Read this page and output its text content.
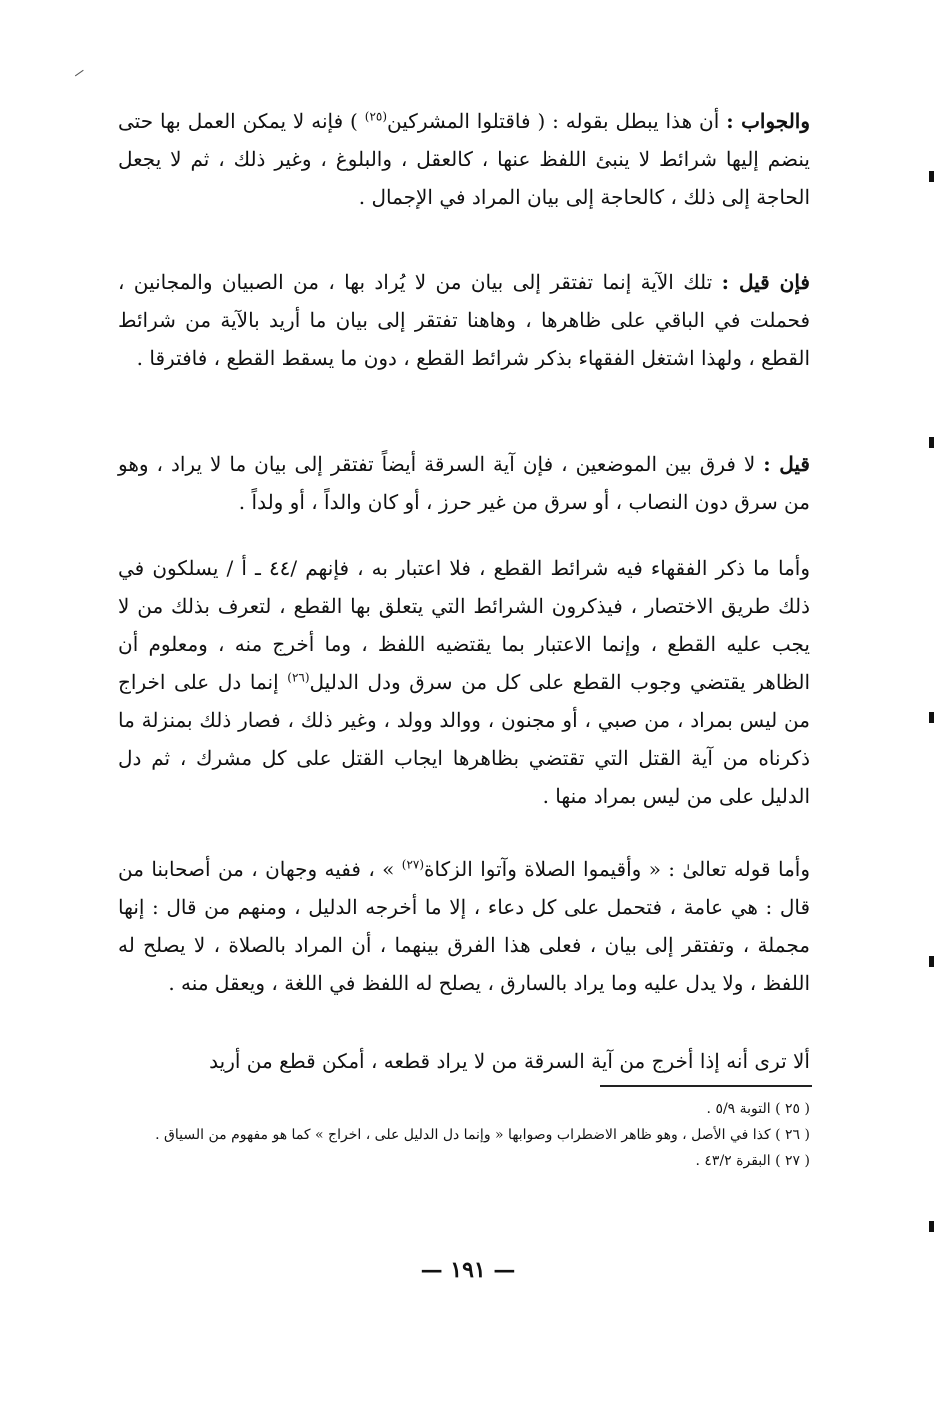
والجواب : أن هذا يبطل بقوله : ( فاقتلوا المشركين$^{(٢٥)}$ ) فإنه لا يمكن العمل بها حتى ينضم إليها شرائط لا ينبئ اللفظ عنها ، كالعقل ، والبلوغ ، وغير ذلك ، ثم لا يجعل الحاجة إلى ذلك ، كالحاجة إلى بيان المراد في الإجمال .
فإن قيل : تلك الآية إنما تفتقر إلى بيان من لا يُراد بها ، من الصبيان والمجانين ، فحملت في الباقي على ظاهرها ، وهاهنا تفتقر إلى بيان ما أريد بالآية من شرائط القطع ، ولهذا اشتغل الفقهاء بذكر شرائط القطع ، دون ما يسقط القطع ، فافترقا .
قيل : لا فرق بين الموضعين ، فإن آية السرقة أيضاً تفتقر إلى بيان ما لا يراد ، وهو من سرق دون النصاب ، أو سرق من غير حرز ، أو كان والداً ، أو ولداً .
وأما ما ذكر الفقهاء فيه شرائط القطع ، فلا اعتبار به ، فإنهم /٤٤ ـ أ / يسلكون في ذلك طريق الاختصار ، فيذكرون الشرائط التي يتعلق بها القطع ، لتعرف بذلك من لا يجب عليه القطع ، وإنما الاعتبار بما يقتضيه اللفظ ، وما أخرج منه ، ومعلوم أن الظاهر يقتضي وجوب القطع على كل من سرق ودل الدليل$^{(٢٦)}$ إنما دل على اخراج من ليس بمراد ، من صبي ، أو مجنون ، ووالد وولد ، وغير ذلك ، فصار ذلك بمنزلة ما ذكرناه من آية القتل التي تقتضي بظاهرها ايجاب القتل على كل مشرك ، ثم دل الدليل على من ليس بمراد منها .
وأما قوله تعالىٰ : « وأقيموا الصلاة وآتوا الزكاة$^{(٢٧)}$ » ، ففيه وجهان ، من أصحابنا من قال : هي عامة ، فتحمل على كل دعاء ، إلا ما أخرجه الدليل ، ومنهم من قال : إنها مجملة ، وتفتقر إلى بيان ، فعلى هذا الفرق بينهما ، أن المراد بالصلاة ، لا يصلح له اللفظ ، ولا يدل عليه وما يراد بالسارق ، يصلح له اللفظ في اللغة ، ويعقل منه .
ألا ترى أنه إذا أخرج من آية السرقة من لا يراد قطعه ، أمكن قطع من أريد
( ٢٥ ) التوبة ٥/٩ .
( ٢٦ ) كذا في الأصل ، وهو ظاهر الاضطراب وصوابها « وإنما دل الدليل على ، اخراج » كما هو مفهوم من السياق .
( ٢٧ ) البقرة ٤٣/٢ .
— ١٩١ —
